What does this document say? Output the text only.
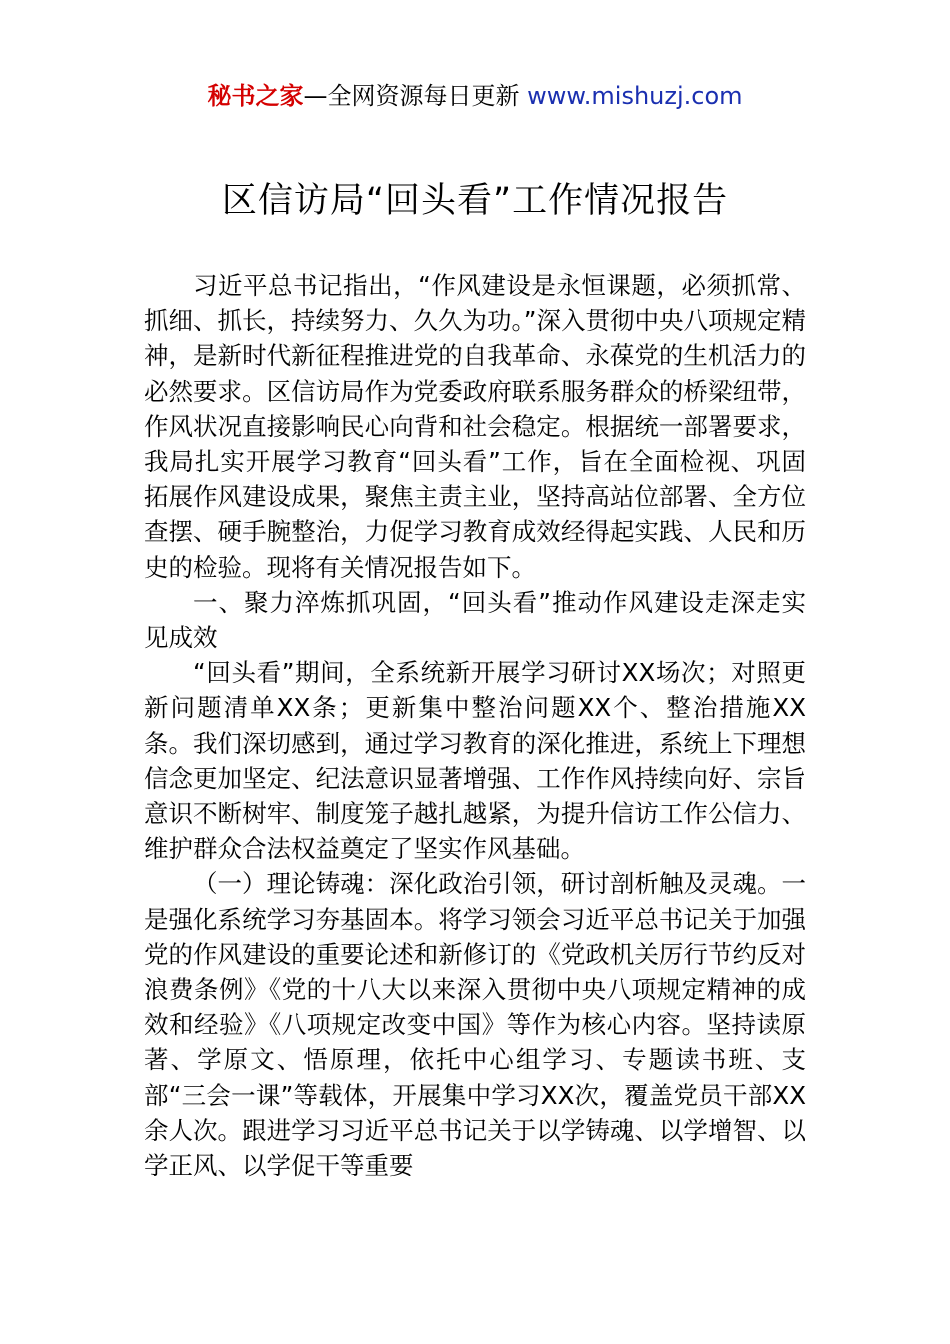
秘书之家—全网资源每日更新 www.mishuzj.com
区信访局“回头看”工作情况报告

习近平总书记指出，“作风建设是永恒课题，必须抓常、抓细、抓长，持续努力、久久为功。”深入贯彻中央八项规定精神，是新时代新征程推进党的自我革命、永葆党的生机活力的必然要求。区信访局作为党委政府联系服务群众的桥梁纽带，作风状况直接影响民心向背和社会稳定。根据统一部署要求，我局扎实开展学习教育“回头看”工作，旨在全面检视、巩固拓展作风建设成果，聚焦主责主业，坚持高站位部署、全方位查摆、硬手腕整治，力促学习教育成效经得起实践、人民和历史的检验。现将有关情况报告如下。

一、聚力淬炼抓巩固，“回头看”推动作风建设走深走实见成效

“回头看”期间，全系统新开展学习研讨XX场次；对照更新问题清单XX条；更新集中整治问题XX个、整治措施XX条。我们深切感到，通过学习教育的深化推进，系统上下理想信念更加坚定、纪法意识显著增强、工作作风持续向好、宗旨意识不断树牢、制度笼子越扎越紧，为提升信访工作公信力、维护群众合法权益奠定了坚实作风基础。

（一）理论铸魂：深化政治引领，研讨剖析触及灵魂。一是强化系统学习夯基固本。将学习领会习近平总书记关于加强党的作风建设的重要论述和新修订的《党政机关厉行节约反对浪费条例》《党的十八大以来深入贯彻中央八项规定精神的成效和经验》《八项规定改变中国》等作为核心内容。坚持读原著、学原文、悟原理，依托中心组学习、专题读书班、支部“三会一课”等载体，开展集中学习XX次，覆盖党员干部XX余人次。跟进学习习近平总书记关于以学铸魂、以学增智、以学正风、以学促干等重要
